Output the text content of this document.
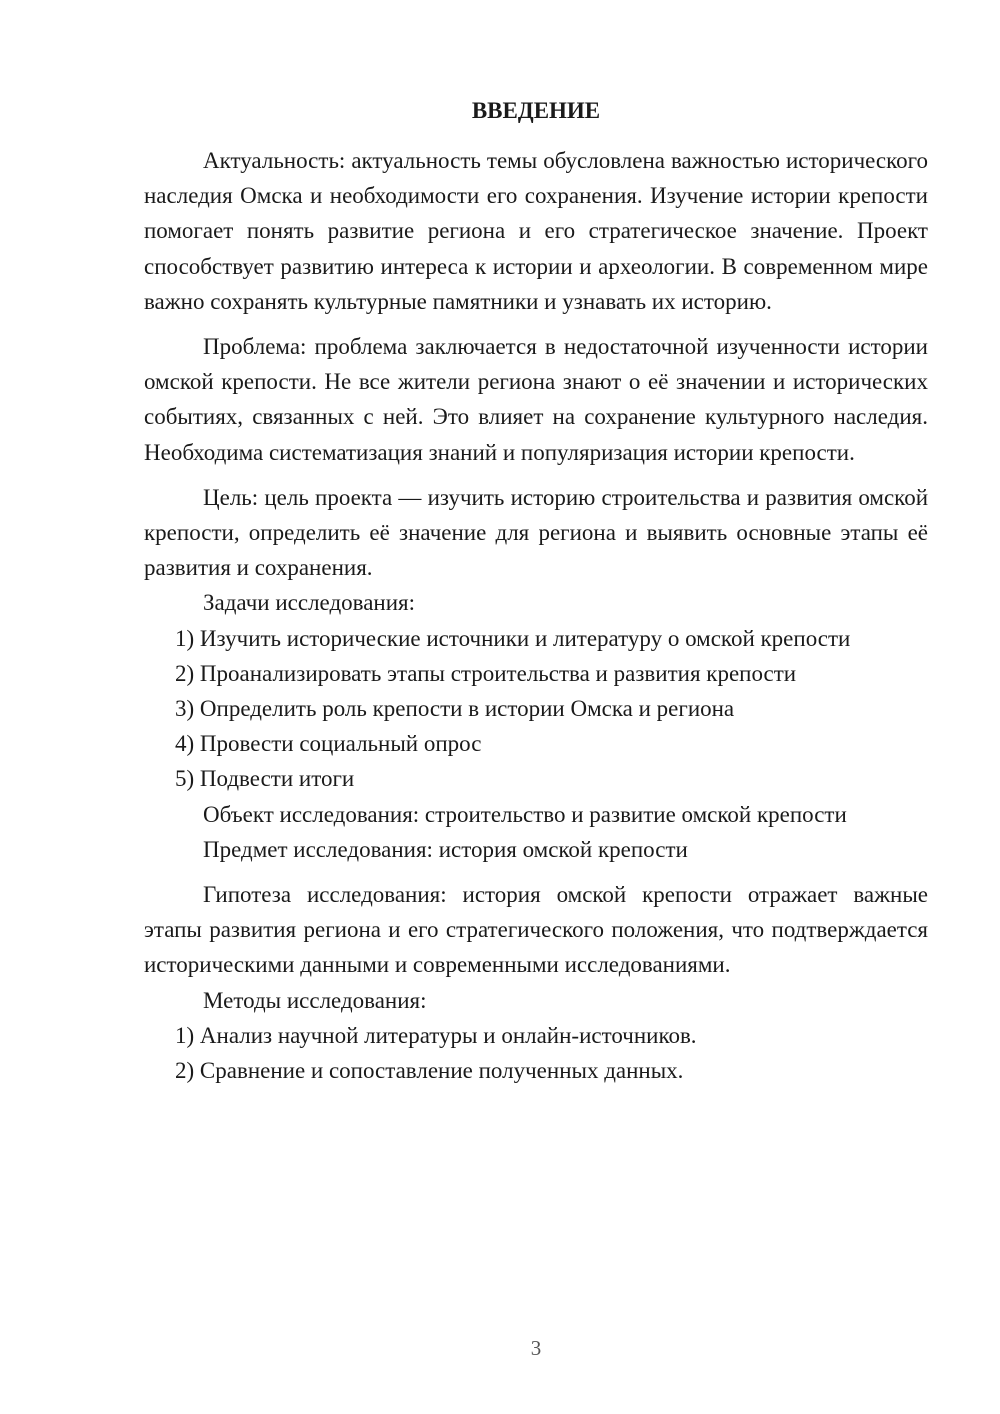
ВВЕДЕНИЕ

Актуальность: актуальность темы обусловлена важностью исторического наследия Омска и необходимости его сохранения. Изучение истории крепости помогает понять развитие региона и его стратегическое значение. Проект способствует развитию интереса к истории и археологии. В современном мире важно сохранять культурные памятники и узнавать их историю.

Проблема: проблема заключается в недостаточной изученности истории омской крепости. Не все жители региона знают о её значении и исторических событиях, связанных с ней. Это влияет на сохранение культурного наследия. Необходима систематизация знаний и популяризация истории крепости.

Цель: цель проекта — изучить историю строительства и развития омской крепости, определить её значение для региона и выявить основные этапы её развития и сохранения.

Задачи исследования:

1) Изучить исторические источники и литературу о омской крепости

2) Проанализировать этапы строительства и развития крепости

3) Определить роль крепости в истории Омска и региона

4) Провести социальный опрос

5) Подвести итоги

Объект исследования: строительство и развитие омской крепости

Предмет исследования: история омской крепости

Гипотеза исследования: история омской крепости отражает важные этапы развития региона и его стратегического положения, что подтверждается историческими данными и современными исследованиями.

Методы исследования:

1) Анализ научной литературы и онлайн-источников.

2) Сравнение и сопоставление полученных данных.

3
